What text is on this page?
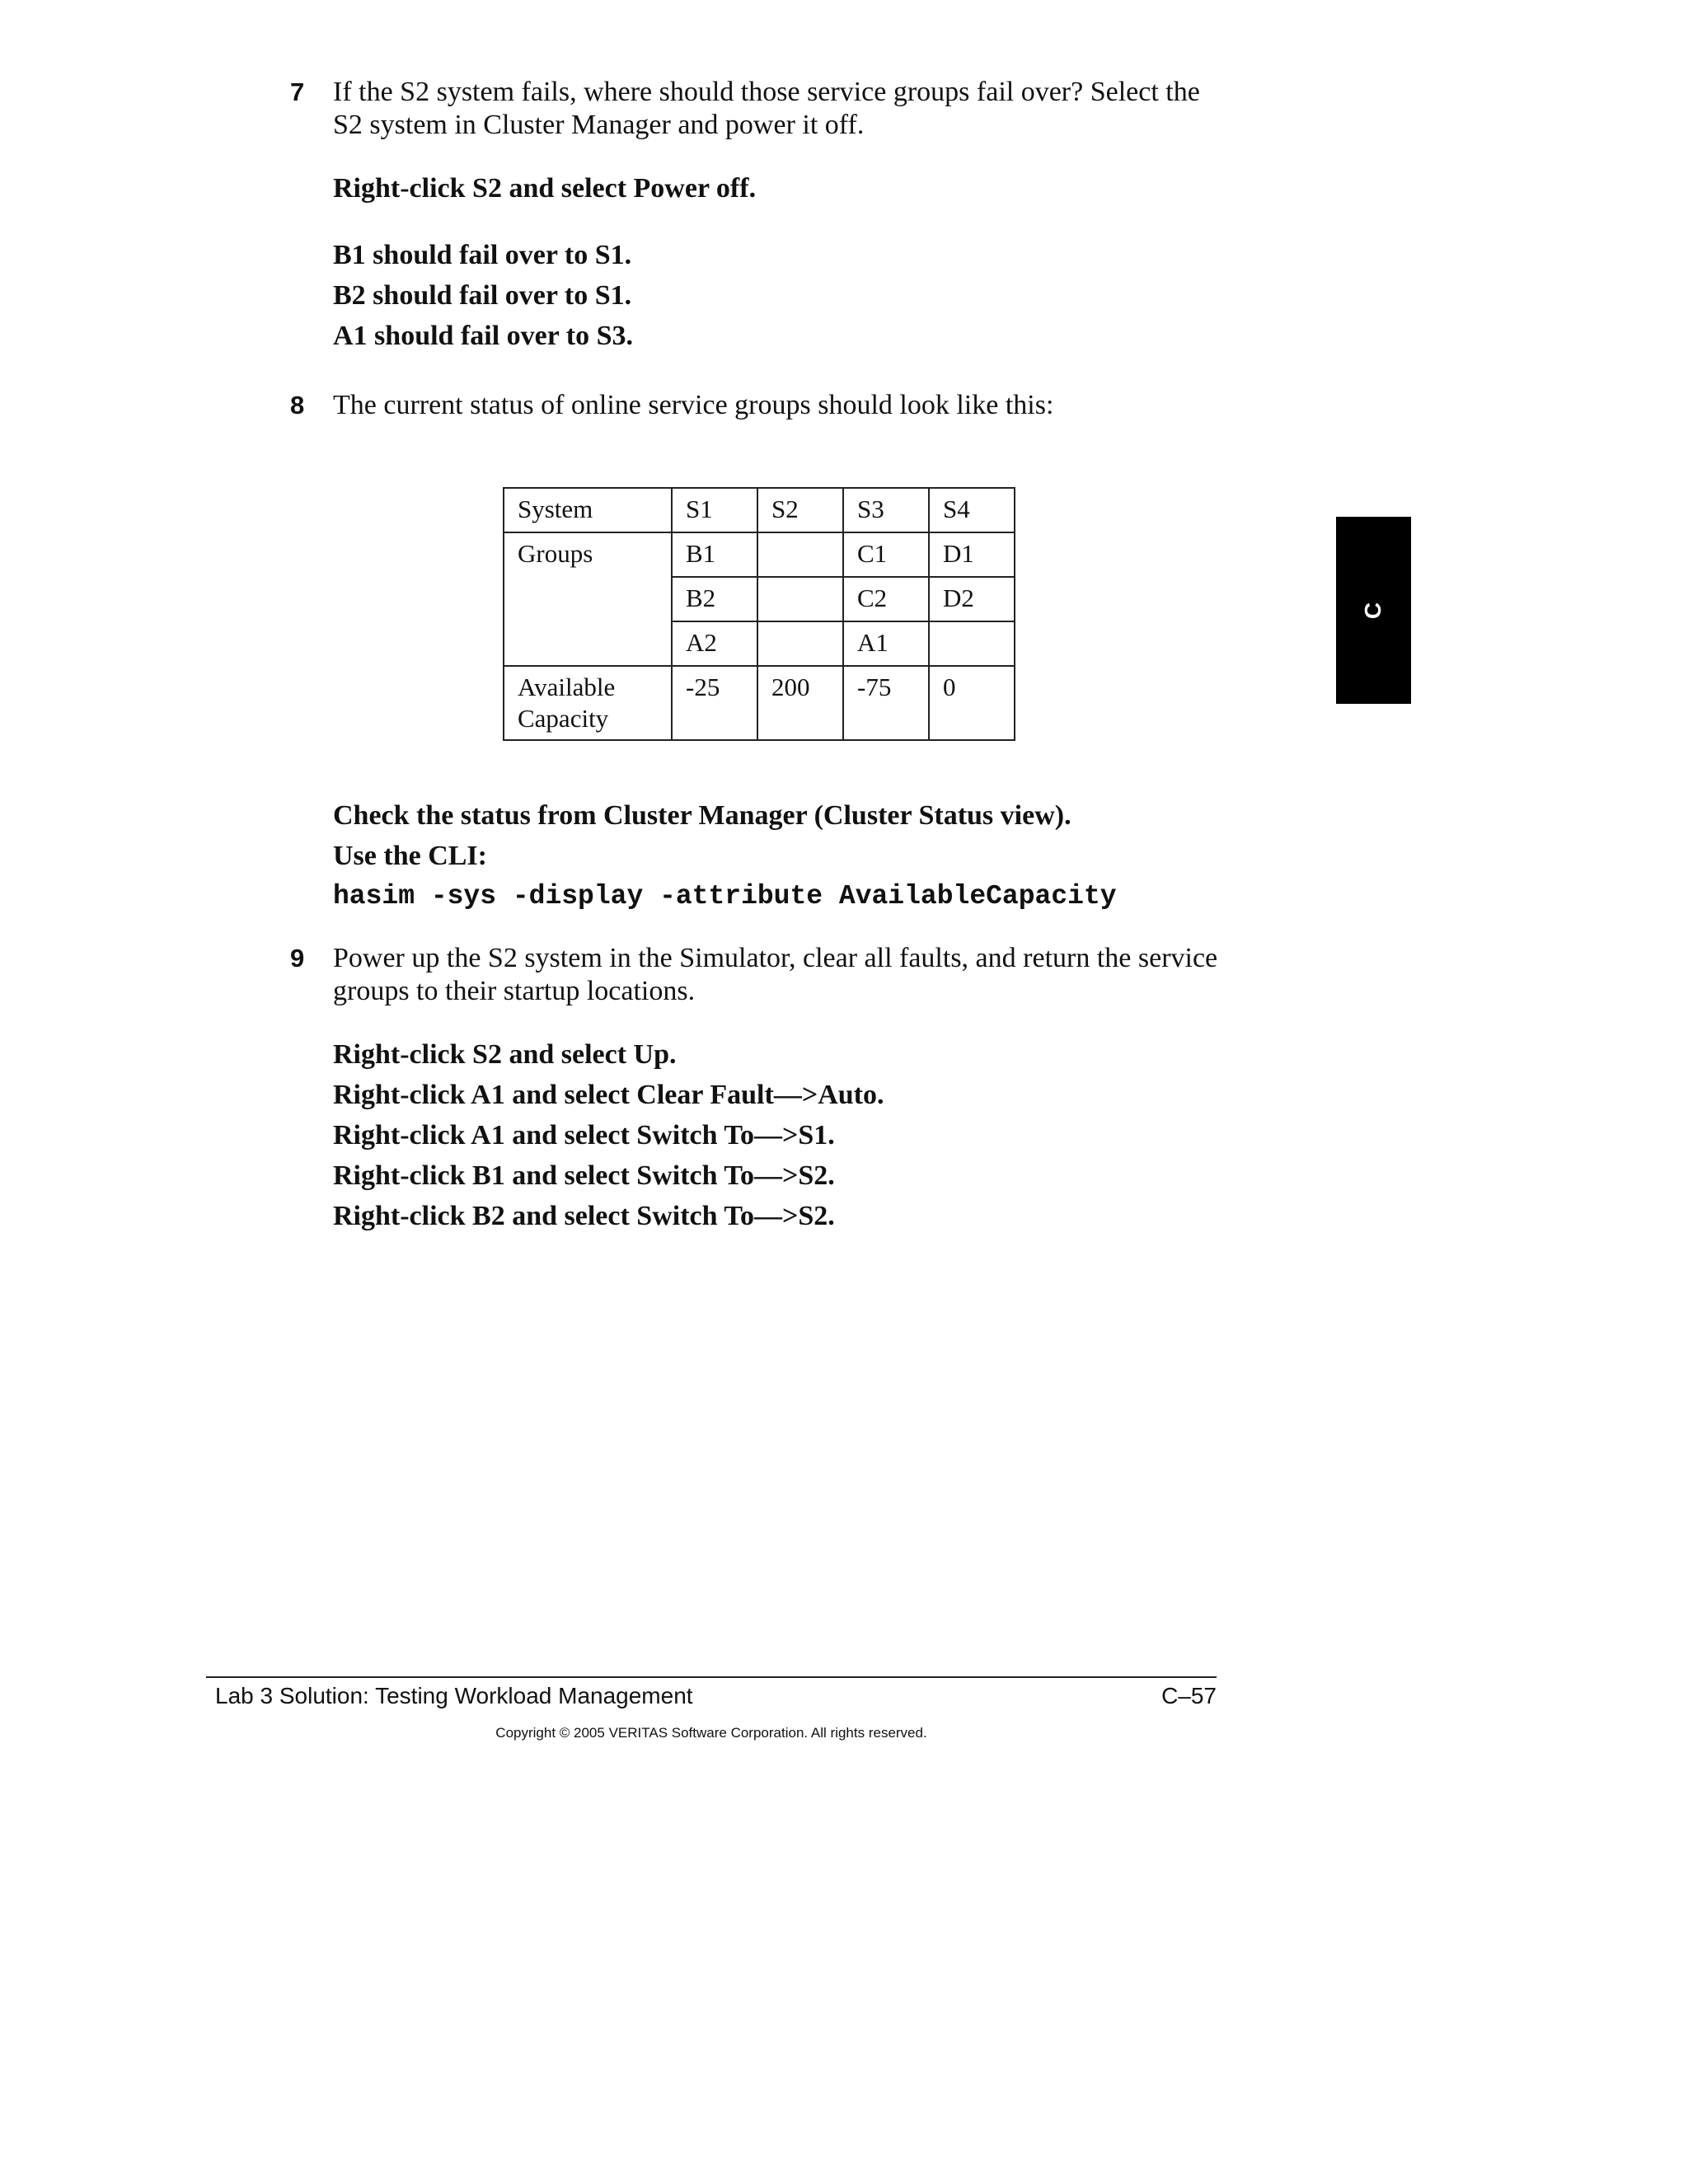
7 If the S2 system fails, where should those service groups fail over? Select the

S2 system in Cluster Manager and power it off.

Right-click S2 and select Power off.

B1 should fail over to S1.

B2 should fail over to S1.

A1 should fail over to S3.

8 The current status of online service groups should look like this:

System	S1	S2	S3	S4
Groups	B1		C1	D1
	B2		C2	D2
	A2		A1	

Available
Capacity	-25	200	-75	0

Check the status from Cluster Manager (Cluster Status view).

Use the CLI:

hasim -sys -display -attribute AvailableCapacity

9 Power up the S2 system in the Simulator, clear all faults, and return the service

groups to their startup locations.

Right-click S2 and select Up.

Right-click A1 and select Clear Fault—>Auto.

Right-click A1 and select Switch To—>S1.

Right-click B1 and select Switch To—>S2.

Right-click B2 and select Switch To—>S2.

C
Lab 3 Solution: Testing Workload Management	C–57
Copyright © 2005 VERITAS Software Corporation. All rights reserved.
